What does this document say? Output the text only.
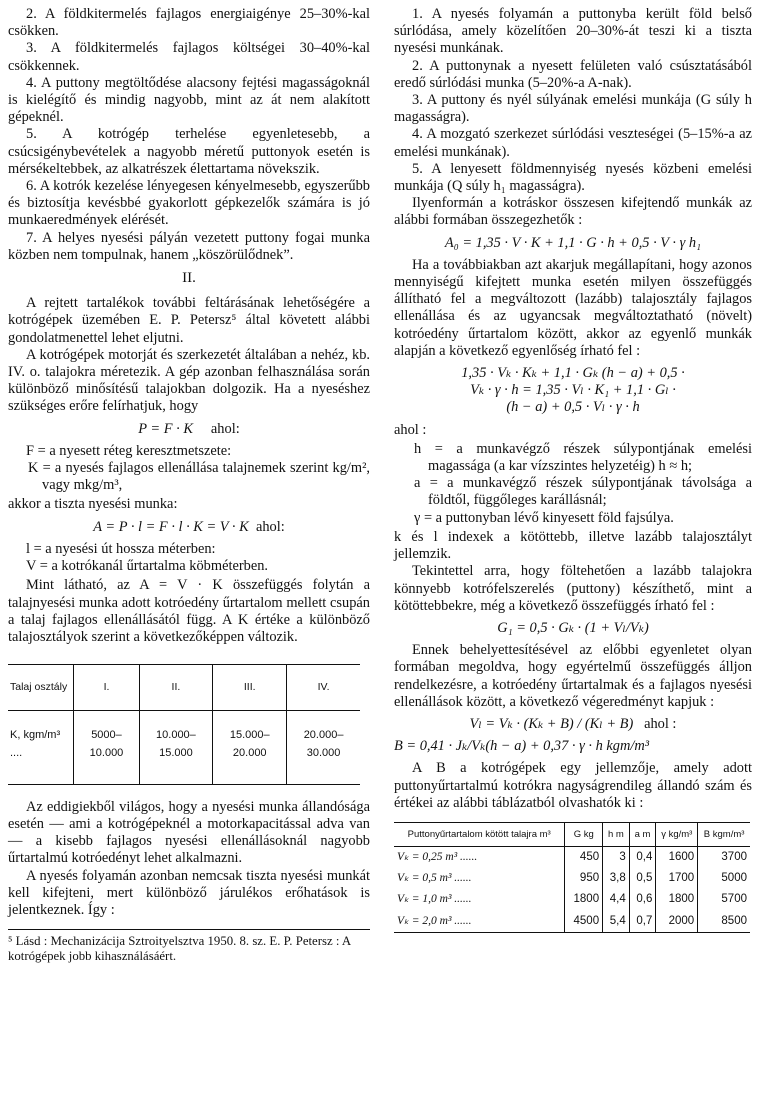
2. A földkitermelés fajlagos energiaigénye 25–30%-kal csökken.

3. A földkitermelés fajlagos költségei 30–40%-kal csökkennek.

4. A puttony megtöltődése alacsony fejtési magasságoknál is kielégítő és mindig nagyobb, mint az át nem alakított gépeknél.

5. A kotrógép terhelése egyenletesebb, a csúcsigénybevételek a nagyobb méretű puttonyok esetén is mérsékeltebbek, az alkatrészek élettartama növekszik.

6. A kotrók kezelése lényegesen kényelmesebb, egyszerűbb és biztosítja kevésbbé gyakorlott gépkezelők számára is jó munkaeredmények elérését.

7. A helyes nyesési pályán vezetett puttony fogai munka közben nem tompulnak, hanem „köszörülődnek”.

II.

A rejtett tartalékok további feltárásának lehetőségére a kotrógépek üzemében E. P. Petersz⁵ által követett alábbi gondolatmenettel lehet eljutni.

A kotrógépek motorját és szerkezetét általában a nehéz, kb. IV. o. talajokra méretezik. A gép azonban felhasználása során különböző minősítésű talajokban dolgozik. Ha a nyeséshez szükséges erőre felírhatjuk, hogy

P = F · K ahol:

F = a nyesett réteg keresztmetszete:

K = a nyesés fajlagos ellenállása talajnemek szerint kg/m², vagy mkg/m³,

akkor a tiszta nyesési munka:

A = P · l = F · l · K = V · K ahol:

l = a nyesési út hossza méterben:

V = a kotrókanál űrtartalma köbméterben.

Mint látható, az A = V · K összefüggés folytán a talajnyesési munka adott kotróedény űrtartalom mellett csupán a talaj fajlagos ellenállásától függ. A K értéke a különböző talajosztályok szerint a következőképpen változik.

Talaj osztály	I.	II.	III.	IV.
K, kgm/m³ ....	5000–10.000	10.000–15.000	15.000–20.000	20.000–30.000

Az eddigiekből világos, hogy a nyesési munka állandósága esetén — ami a kotrógépeknél a motorkapacitással adva van — a kisebb fajlagos nyesési ellenállásoknál nagyobb űrtartalmú kotróedényt lehet alkalmazni.

A nyesés folyamán azonban nemcsak tiszta nyesési munkát kell kifejteni, mert különböző járulékos erőhatások is jelentkeznek. Így :

⁵ Lásd : Mechanizácija Sztroityelsztva 1950. 8. sz. E. P. Petersz : A kotrógépek jobb kihasználásáért.

1. A nyesés folyamán a puttonyba került föld belső súrlódása, amely közelítően 20–30%-át teszi ki a tiszta nyesési munkának.

2. A puttonynak a nyesett felületen való csúsztatásából eredő súrlódási munka (5–20%-a A-nak).

3. A puttony és nyél súlyának emelési munkája (G súly h magasságra).

4. A mozgató szerkezet súrlódási veszteségei (5–15%-a az emelési munkának).

5. A lenyesett földmennyiség nyesés közbeni emelési munkája (Q súly h₁ magasságra).

Ilyenformán a kotráskor összesen kifejtendő munkák az alábbi formában összegezhetők :

A₀ = 1,35 · V · K + 1,1 · G · h + 0,5 · V · γ h₁

Ha a továbbiakban azt akarjuk megállapítani, hogy azonos mennyiségű kifejtett munka esetén milyen összefüggés állítható fel a megváltozott (lazább) talajosztály fajlagos ellenállása és az ugyancsak megváltoztatható (növelt) kotróedény űrtartalom között, akkor az egyenlő munkák alapján a következő egyenlőség írható fel :

1,35 · Vₖ · Kₖ + 1,1 · Gₖ (h − a) + 0,5 ·
Vₖ · γ · h = 1,35 · Vₗ · K₁ + 1,1 · Gₗ ·
(h − a) + 0,5 · Vₗ · γ · h

ahol :

h = a munkavégző részek súlypontjának emelési magassága (a kar vízszintes helyzetéig) h ≈ h;

a = a munkavégző részek súlypontjának távolsága a földtől, függőleges karállásnál;

γ = a puttonyban lévő kinyesett föld fajsúlya.

k és l indexek a kötöttebb, illetve lazább talajosztályt jellemzik.

Tekintettel arra, hogy föltehetően a lazább talajokra könnyebb kotrófelszerelés (puttony) készíthető, mint a kötöttebbekre, még a következő összefüggés írható fel :

G₁ = 0,5 · Gₖ · (1 + Vₗ/Vₖ)

Ennek behelyettesítésével az előbbi egyenletet olyan formában megoldva, hogy egyértelmű összefüggés álljon rendelkezésre, a kotróedény űrtartalmak és a fajlagos nyesési ellenállások között, a következő végeredményt kapjuk :

Vₗ = Vₖ · (Kₖ + B) / (Kₗ + B) ahol :
B = 0,41 · Jₖ/Vₖ(h − a) + 0,37 · γ · h kgm/m³

A B a kotrógépek egy jellemzője, amely adott puttonyűrtartalmú kotrókra nagyságrendileg állandó szám és értékei az alábbi táblázatból olvashatók ki :

Puttonyűrtartalom kötött talajra m³	G kg	h m	a m	γ kg/m³	B kgm/m³
Vₖ = 0,25 m³ ......	450	3	0,4	1600	3700
Vₖ = 0,5 m³ ......	950	3,8	0,5	1700	5000
Vₖ = 1,0 m³ ......	1800	4,4	0,6	1800	5700
Vₖ = 2,0 m³ ......	4500	5,4	0,7	2000	8500
